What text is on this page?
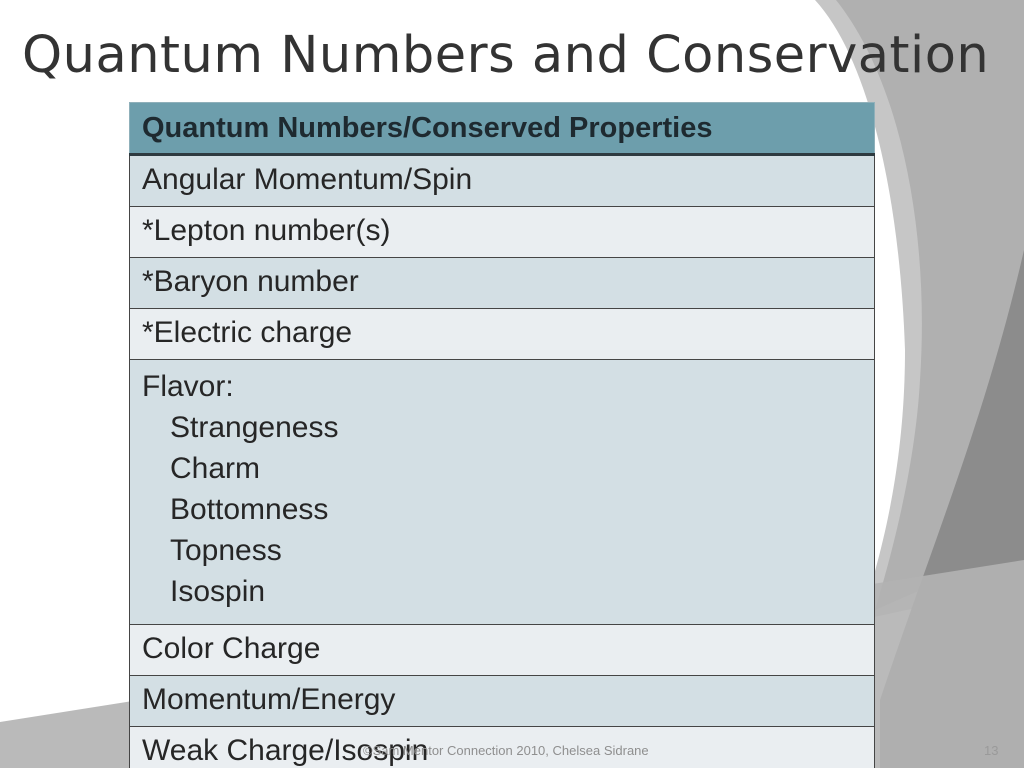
Quantum Numbers and Conservation
Quantum Numbers/Conserved Properties
Angular Momentum/Spin
*Lepton number(s)
*Baryon number
*Electric charge

Flavor:
Strangeness
Charm
Bottomness
Topness
Isospin

Color Charge
Momentum/Energy
Weak Charge/Isospin
©Sam Mentor Connection 2010, Chelsea Sidrane	13
